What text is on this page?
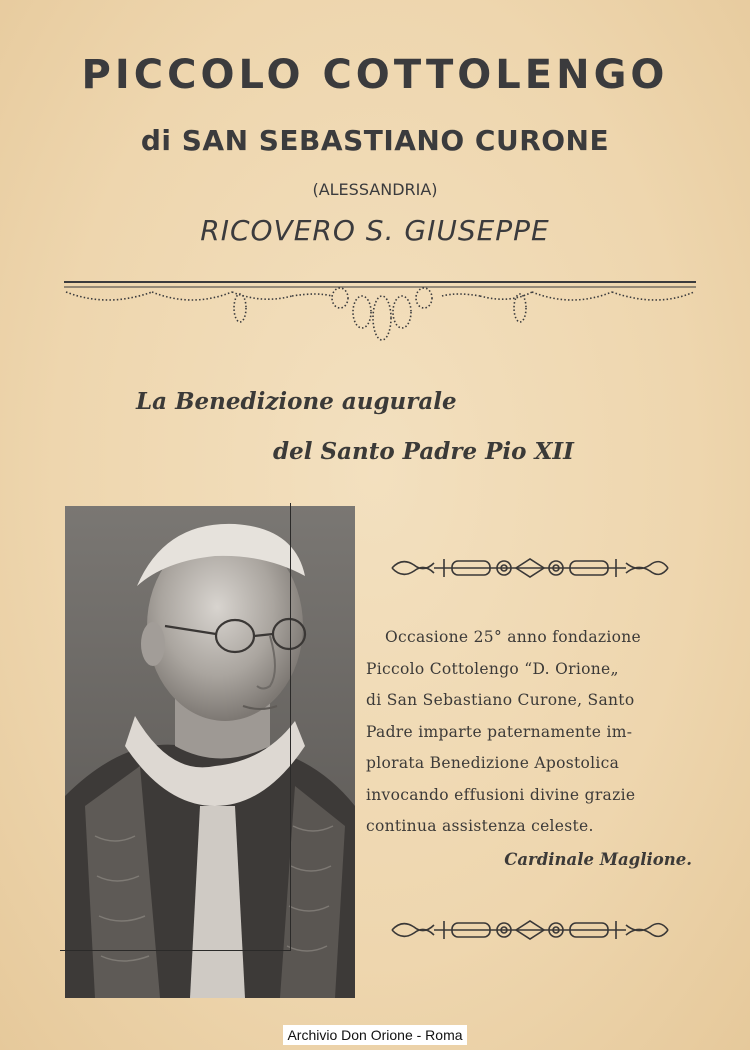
PICCOLO COTTOLENGO
di SAN SEBASTIANO CURONE
(ALESSANDRIA)
RICOVERO S. GIUSEPPE
La Benedizione augurale
del Santo Padre Pio XII
Occasione 25° anno fondazione
Piccolo Cottolengo “D. Orione„
di San Sebastiano Curone, Santo
Padre imparte paternamente im-
plorata Benedizione Apostolica
invocando effusioni divine grazie
continua assistenza celeste.
Cardinale Maglione.
Archivio Don Orione - Roma
